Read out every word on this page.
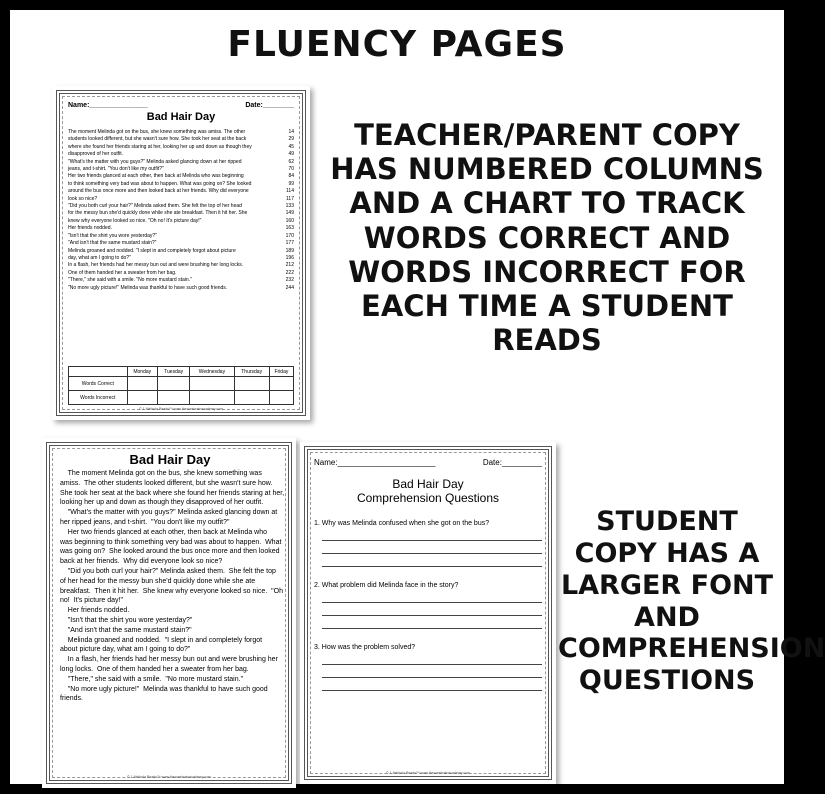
FLUENCY PAGES
Name:_______________	Date:________
Bad Hair Day
The moment Melinda got on the bus, she knew something was amiss. The other	14
students looked different, but she wasn't sure how. She took her seat at the back	29
where she found her friends staring at her, looking her up and down as though they	45
disapproved of her outfit.	49
"What's the matter with you guys?" Melinda asked glancing down at her ripped	62
jeans, and t-shirt. "You don't like my outfit?"	70
Her two friends glanced at each other, then back at Melinda who was beginning	84
to think something very bad was about to happen. What was going on? She looked	99
around the bus once more and then looked back at her friends. Why did everyone	114
look so nice?	117
"Did you both curl your hair?" Melinda asked them. She felt the top of her head	133
for the messy bun she'd quickly done while she ate breakfast. Then it hit her. She	149
knew why everyone looked so nice. "Oh no! It's picture day!"	160
Her friends nodded.	163
"Isn't that the shirt you wore yesterday?"	170
"And isn't that the same mustard stain?"	177
Melinda groaned and nodded. "I slept in and completely forgot about picture	189
day, what am I going to do?"	196
In a flash, her friends had her messy bun out and were brushing her long locks.	212
One of them handed her a sweater from her bag.	222
"There," she said with a smile. "No more mustard stain."	232
"No more ugly picture!" Melinda was thankful to have such good friends.	244
	Monday	Tuesday	Wednesday	Thursday	Friday
Words Correct					
Words Incorrect					
© 1 Melinda Reads™ www.thecorebrainacademy.com
TEACHER/PARENT COPY HAS NUMBERED COLUMNS AND A CHART TO TRACK WORDS CORRECT AND WORDS INCORRECT FOR EACH TIME A STUDENT READS
Bad Hair Day
The moment Melinda got on the bus, she knew something was
amiss.  The other students looked different, but she wasn't sure how.
She took her seat at the back where she found her friends staring at her,
looking her up and down as though they disapproved of her outfit.
"What's the matter with you guys?" Melinda asked glancing down at
her ripped jeans, and t-shirt.  "You don't like my outfit?"
Her two friends glanced at each other, then back at Melinda who
was beginning to think something very bad was about to happen.  What
was going on?  She looked around the bus once more and then looked
back at her friends.  Why did everyone look so nice?
"Did you both curl your hair?" Melinda asked them.  She felt the top
of her head for the messy bun she'd quickly done while she ate
breakfast.  Then it hit her.  She knew why everyone looked so nice.  "Oh
no!  It's picture day!"
Her friends nodded.
"Isn't that the shirt you wore yesterday?"
"And isn't that the same mustard stain?"
Melinda groaned and nodded.  "I slept in and completely forgot
about picture day, what am I going to do?"
In a flash, her friends had her messy bun out and were brushing her
long locks.  One of them handed her a sweater from her bag.
"There," she said with a smile.  "No more mustard stain."
"No more ugly picture!"  Melinda was thankful to have such good
friends.
© 1 Melinda Reads™ www.thecorebrainacademy.com
Name:______________________	Date:_________
Bad Hair Day
Comprehension Questions
1. Why was Melinda confused when she got on the bus?
2. What problem did Melinda face in the story?
3. How was the problem solved?
© 1 Melinda Reads™ www.thecorebrainacademy.com
STUDENT COPY HAS A LARGER FONT AND COMPREHENSION QUESTIONS
